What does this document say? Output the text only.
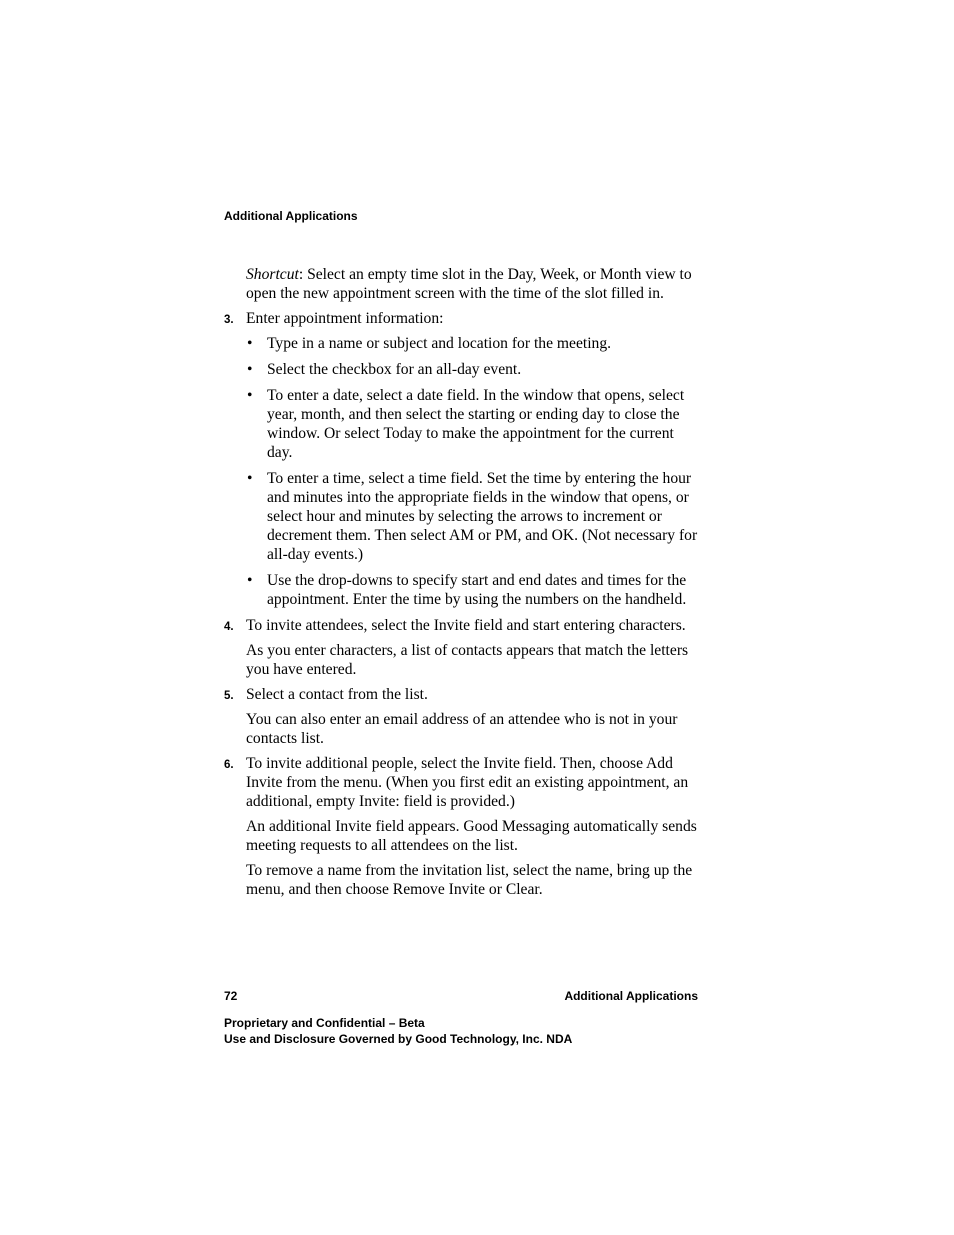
Additional Applications

Shortcut: Select an empty time slot in the Day, Week, or Month view to open the new appointment screen with the time of the slot filled in.

3. Enter appointment information:
• Type in a name or subject and location for the meeting.
• Select the checkbox for an all-day event.
• To enter a date, select a date field. In the window that opens, select year, month, and then select the starting or ending day to close the window. Or select Today to make the appointment for the current day.
• To enter a time, select a time field. Set the time by entering the hour and minutes into the appropriate fields in the window that opens, or select hour and minutes by selecting the arrows to increment or decrement them. Then select AM or PM, and OK. (Not necessary for all-day events.)
• Use the drop-downs to specify start and end dates and times for the appointment. Enter the time by using the numbers on the handheld.
4. To invite attendees, select the Invite field and start entering characters.

As you enter characters, a list of contacts appears that match the letters you have entered.

5. Select a contact from the list.

You can also enter an email address of an attendee who is not in your contacts list.

6. To invite additional people, select the Invite field. Then, choose Add Invite from the menu. (When you first edit an existing appointment, an additional, empty Invite: field is provided.)

An additional Invite field appears. Good Messaging automatically sends meeting requests to all attendees on the list.

To remove a name from the invitation list, select the name, bring up the menu, and then choose Remove Invite or Clear.

72	Additional Applications
Proprietary and Confidential – Beta
Use and Disclosure Governed by Good Technology, Inc. NDA
